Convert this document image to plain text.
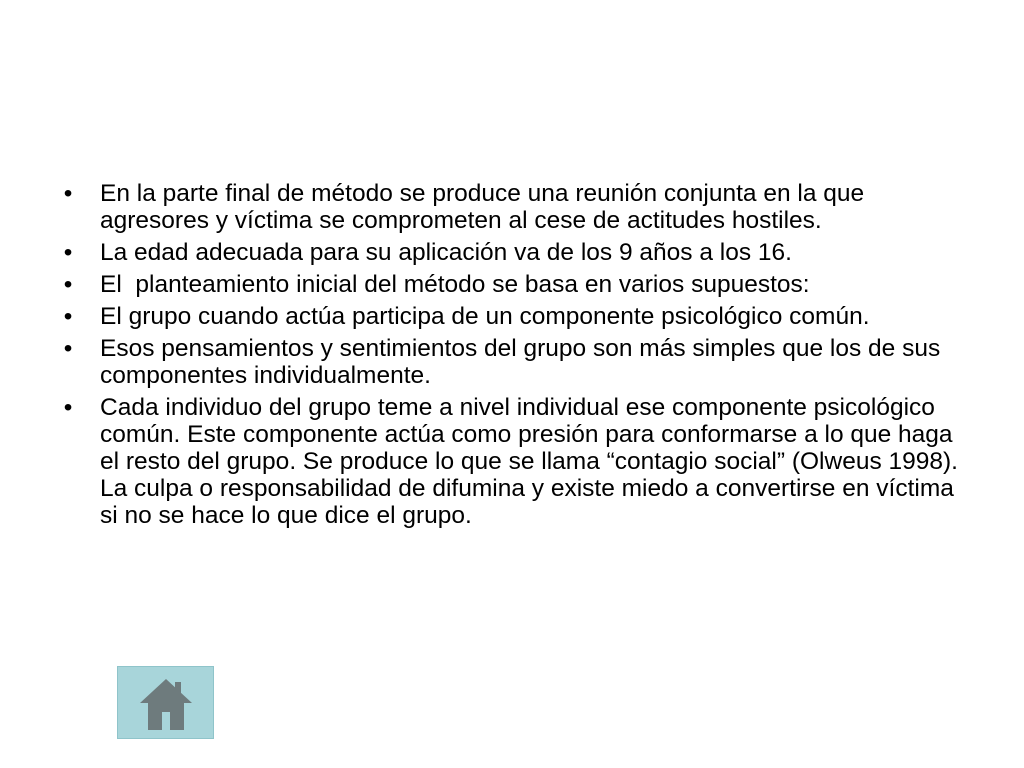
• En la parte final de método se produce una reunión conjunta en la que agresores y víctima se comprometen al cese de actitudes hostiles.
• La edad adecuada para su aplicación va de los 9 años a los 16.
• El  planteamiento inicial del método se basa en varios supuestos:
• El grupo cuando actúa participa de un componente psicológico común.
• Esos pensamientos y sentimientos del grupo son más simples que los de sus componentes individualmente.
• Cada individuo del grupo teme a nivel individual ese componente psicológico común. Este componente actúa como presión para conformarse a lo que haga el resto del grupo. Se produce lo que se llama “contagio social” (Olweus 1998). La culpa o responsabilidad de difumina y existe miedo a convertirse en víctima si no se hace lo que dice el grupo.
